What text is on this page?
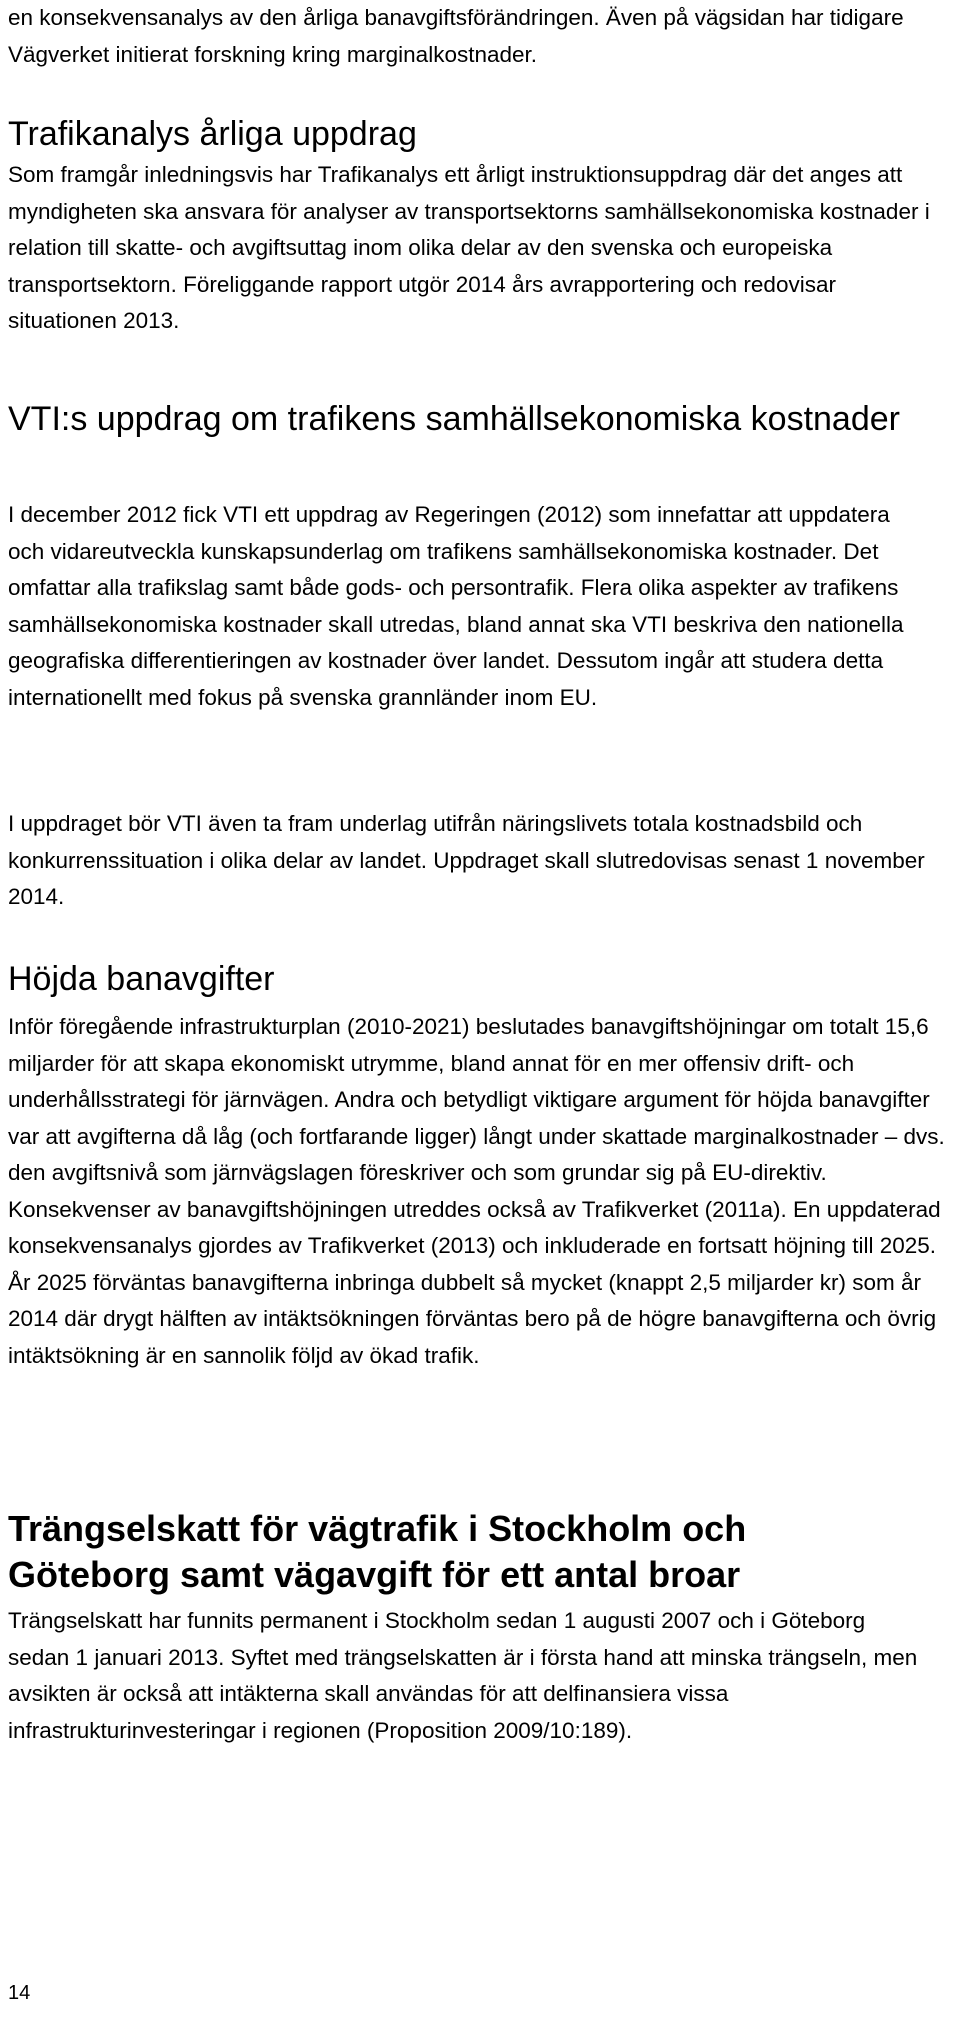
en konsekvensanalys av den årliga banavgiftsförändringen. Även på vägsidan har tidigare Vägverket initierat forskning kring marginalkostnader.

Trafikanalys årliga uppdrag

Som framgår inledningsvis har Trafikanalys ett årligt instruktionsuppdrag där det anges att myndigheten ska ansvara för analyser av transportsektorns samhällsekonomiska kostnader i relation till skatte- och avgiftsuttag inom olika delar av den svenska och europeiska transportsektorn. Föreliggande rapport utgör 2014 års avrapportering och redovisar situationen 2013.

VTI:s uppdrag om trafikens samhällsekonomiska kostnader

I december 2012 fick VTI ett uppdrag av Regeringen (2012) som innefattar att uppdatera och vidareutveckla kunskapsunderlag om trafikens samhällsekonomiska kostnader. Det omfattar alla trafikslag samt både gods- och persontrafik. Flera olika aspekter av trafikens samhällsekonomiska kostnader skall utredas, bland annat ska VTI beskriva den nationella geografiska differentieringen av kostnader över landet. Dessutom ingår att studera detta internationellt med fokus på svenska grannländer inom EU.

I uppdraget bör VTI även ta fram underlag utifrån näringslivets totala kostnadsbild och konkurrenssituation i olika delar av landet. Uppdraget skall slutredovisas senast 1 november 2014.

Höjda banavgifter

Inför föregående infrastrukturplan (2010-2021) beslutades banavgiftshöjningar om totalt 15,6 miljarder för att skapa ekonomiskt utrymme, bland annat för en mer offensiv drift- och underhållsstrategi för järnvägen. Andra och betydligt viktigare argument för höjda banavgifter var att avgifterna då låg (och fortfarande ligger) långt under skattade marginalkostnader – dvs. den avgiftsnivå som järnvägslagen föreskriver och som grundar sig på EU-direktiv. Konsekvenser av banavgiftshöjningen utreddes också av Trafikverket (2011a). En uppdaterad konsekvensanalys gjordes av Trafikverket (2013) och inkluderade en fortsatt höjning till 2025. År 2025 förväntas banavgifterna inbringa dubbelt så mycket (knappt 2,5 miljarder kr) som år 2014 där drygt hälften av intäktsökningen förväntas bero på de högre banavgifterna och övrig intäktsökning är en sannolik följd av ökad trafik.

Trängselskatt för vägtrafik i Stockholm och Göteborg samt vägavgift för ett antal broar

Trängselskatt har funnits permanent i Stockholm sedan 1 augusti 2007 och i Göteborg sedan 1 januari 2013. Syftet med trängselskatten är i första hand att minska trängseln, men avsikten är också att intäkterna skall användas för att delfinansiera vissa infrastrukturinvesteringar i regionen (Proposition 2009/10:189).

14
